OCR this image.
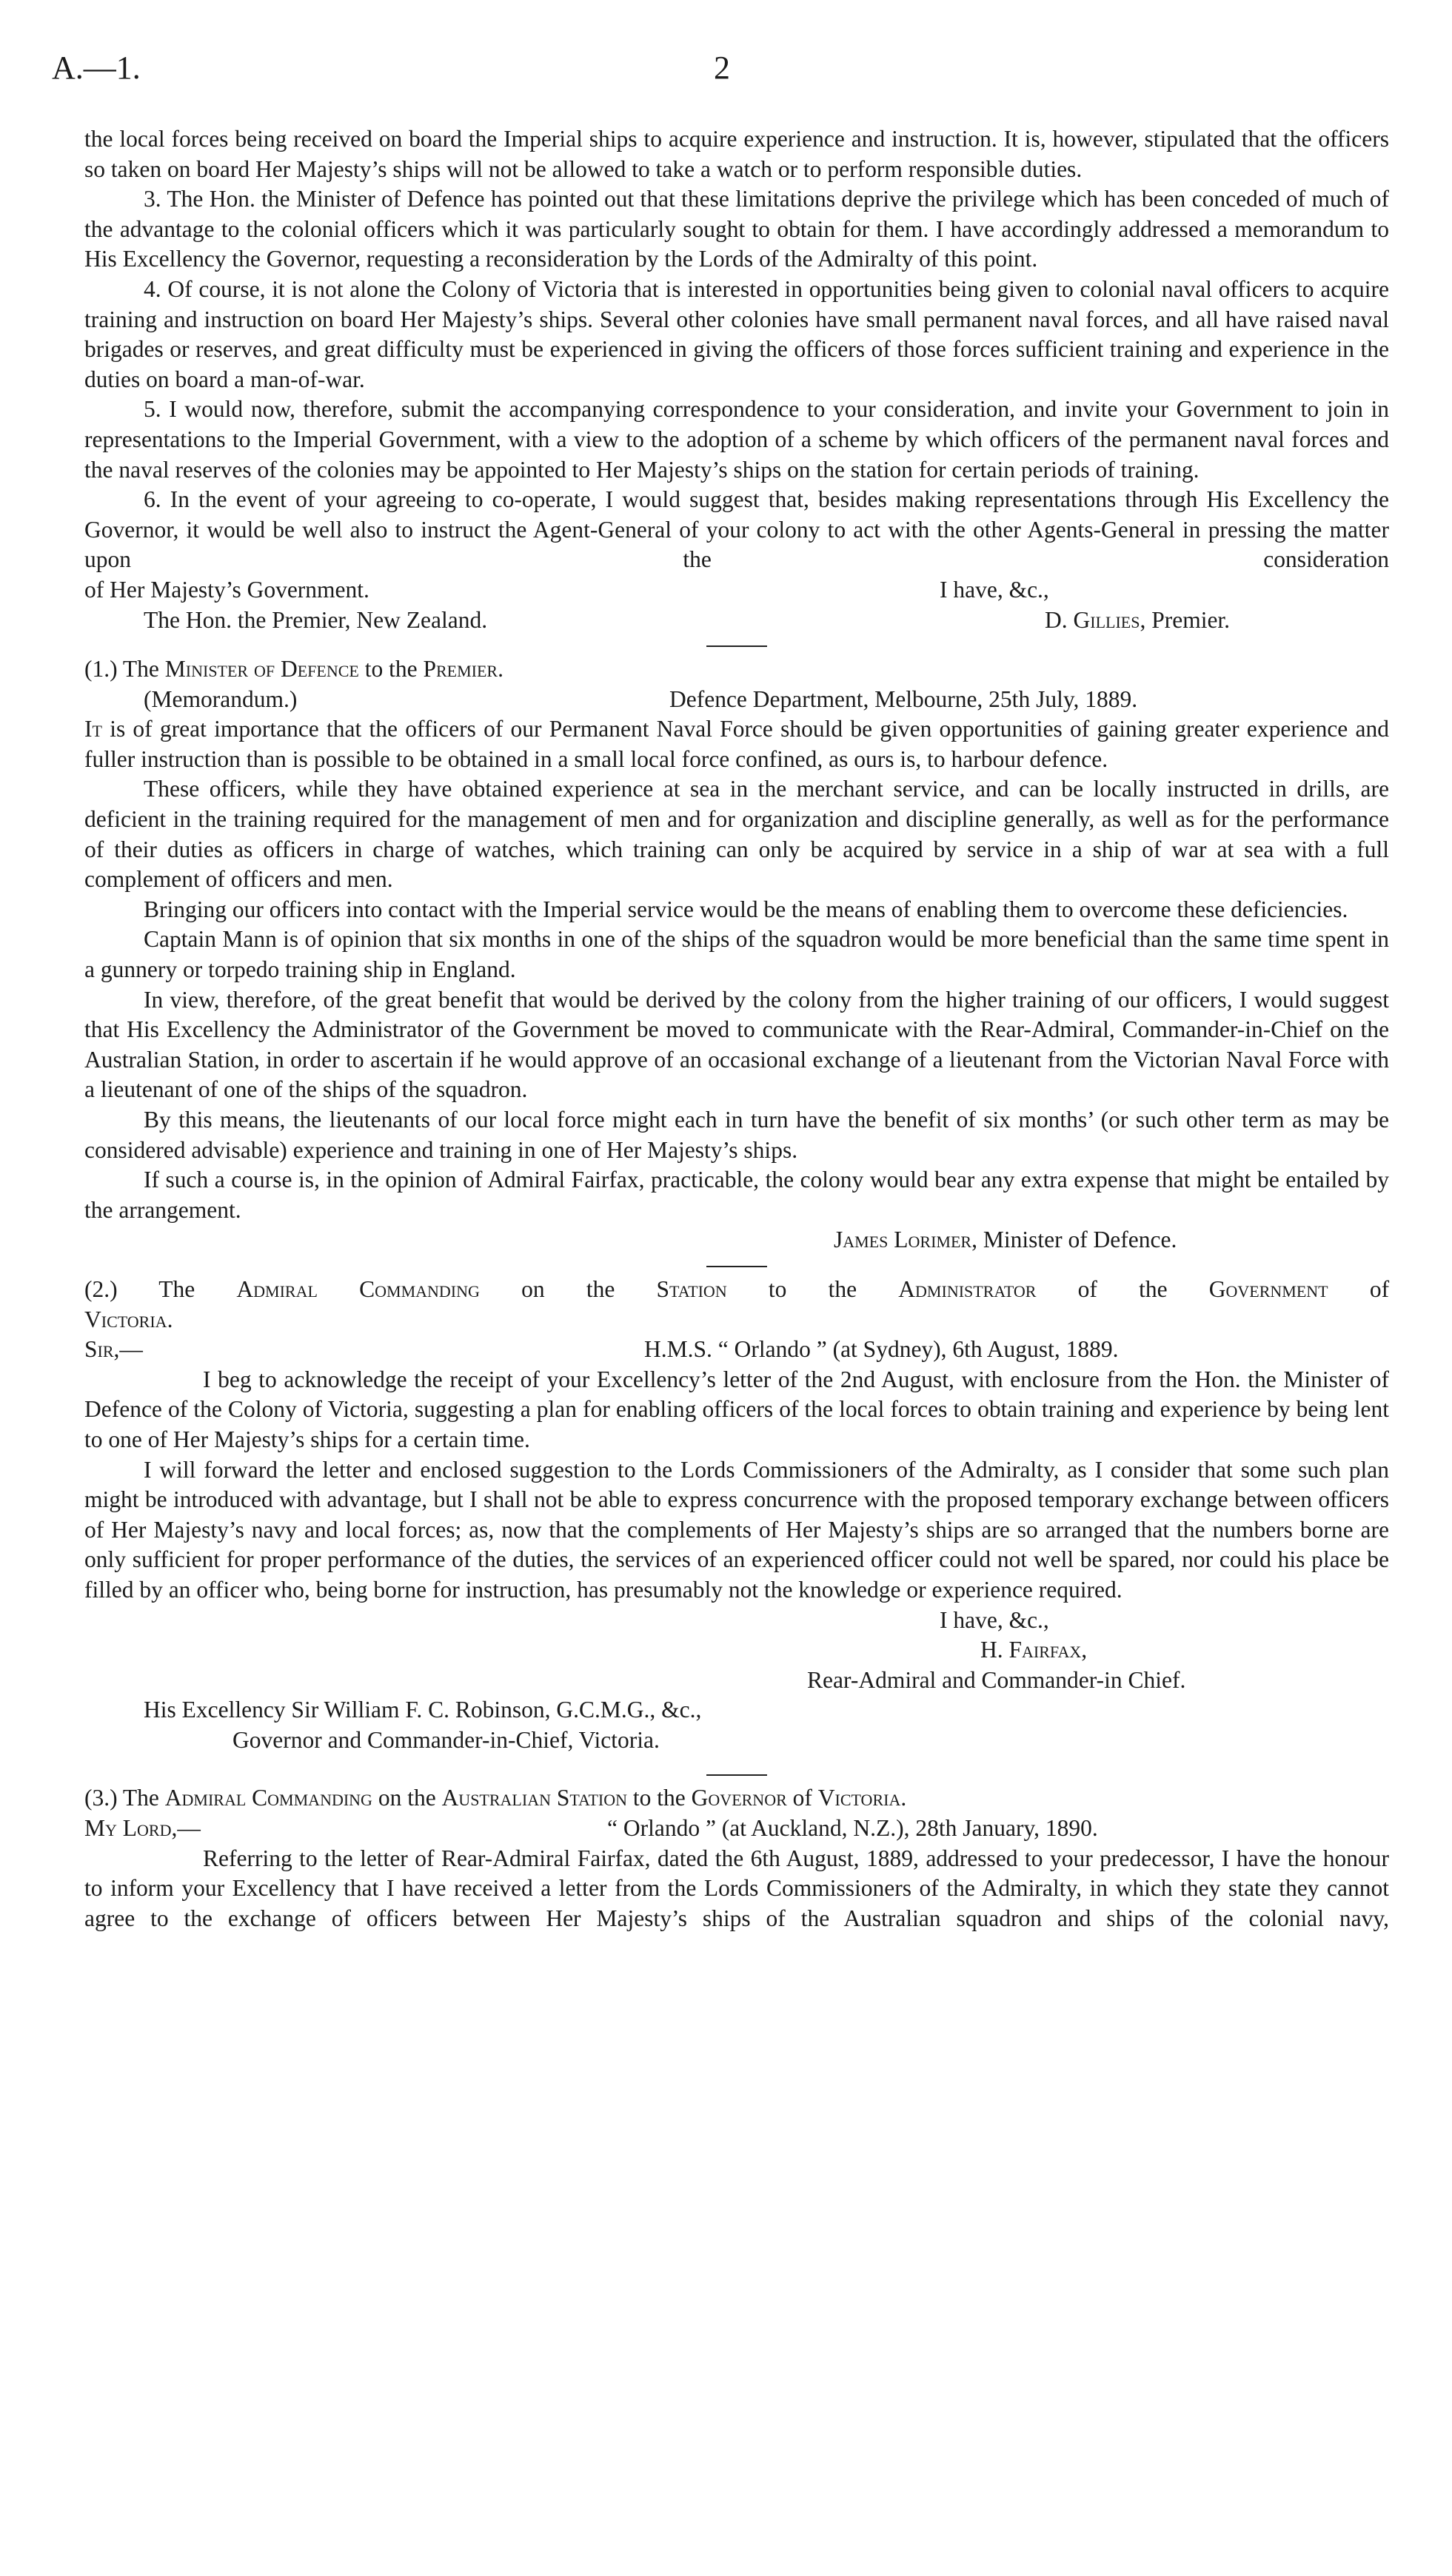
A.—1.	2

the local forces being received on board the Imperial ships to acquire experience and instruction. It is, however, stipulated that the officers so taken on board Her Majesty’s ships will not be allowed to take a watch or to perform responsible duties.

3. The Hon. the Minister of Defence has pointed out that these limitations deprive the privilege which has been conceded of much of the advantage to the colonial officers which it was particularly sought to obtain for them. I have accordingly addressed a memorandum to His Excellency the Governor, requesting a reconsideration by the Lords of the Admiralty of this point.

4. Of course, it is not alone the Colony of Victoria that is interested in opportunities being given to colonial naval officers to acquire training and instruction on board Her Majesty’s ships. Several other colonies have small permanent naval forces, and all have raised naval brigades or reserves, and great difficulty must be experienced in giving the officers of those forces sufficient training and experience in the duties on board a man-of-war.

5. I would now, therefore, submit the accompanying correspondence to your consideration, and invite your Government to join in representations to the Imperial Government, with a view to the adoption of a scheme by which officers of the permanent naval forces and the naval reserves of the colonies may be appointed to Her Majesty’s ships on the station for certain periods of training.

6. In the event of your agreeing to co-operate, I would suggest that, besides making representations through His Excellency the Governor, it would be well also to instruct the Agent-General of your colony to act with the other Agents-General in pressing the matter upon the consideration

of Her Majesty’s Government.	I have, &c.,
The Hon. the Premier, New Zealand.	D. Gillies, Premier.

(1.) The Minister of Defence to the Premier.

(Memorandum.)	Defence Department, Melbourne, 25th July, 1889.

It is of great importance that the officers of our Permanent Naval Force should be given opportunities of gaining greater experience and fuller instruction than is possible to be obtained in a small local force confined, as ours is, to harbour defence.

These officers, while they have obtained experience at sea in the merchant service, and can be locally instructed in drills, are deficient in the training required for the management of men and for organization and discipline generally, as well as for the performance of their duties as officers in charge of watches, which training can only be acquired by service in a ship of war at sea with a full complement of officers and men.

Bringing our officers into contact with the Imperial service would be the means of enabling them to overcome these deficiencies.

Captain Mann is of opinion that six months in one of the ships of the squadron would be more beneficial than the same time spent in a gunnery or torpedo training ship in England.

In view, therefore, of the great benefit that would be derived by the colony from the higher training of our officers, I would suggest that His Excellency the Administrator of the Government be moved to communicate with the Rear-Admiral, Commander-in-Chief on the Australian Station, in order to ascertain if he would approve of an occasional exchange of a lieutenant from the Victorian Naval Force with a lieutenant of one of the ships of the squadron.

By this means, the lieutenants of our local force might each in turn have the benefit of six months’ (or such other term as may be considered advisable) experience and training in one of Her Majesty’s ships.

If such a course is, in the opinion of Admiral Fairfax, practicable, the colony would bear any extra expense that might be entailed by the arrangement.

James Lorimer, Minister of Defence.

(2.) The Admiral Commanding on the Station to the Administrator of the Government of

Victoria.

Sir,—	H.M.S. “ Orlando ” (at Sydney), 6th August, 1889.

I beg to acknowledge the receipt of your Excellency’s letter of the 2nd August, with enclosure from the Hon. the Minister of Defence of the Colony of Victoria, suggesting a plan for enabling officers of the local forces to obtain training and experience by being lent to one of Her Majesty’s ships for a certain time.

I will forward the letter and enclosed suggestion to the Lords Commissioners of the Admiralty, as I consider that some such plan might be introduced with advantage, but I shall not be able to express concurrence with the proposed temporary exchange between officers of Her Majesty’s navy and local forces; as, now that the complements of Her Majesty’s ships are so arranged that the numbers borne are only sufficient for proper performance of the duties, the services of an experienced officer could not well be spared, nor could his place be filled by an officer who, being borne for instruction, has presumably not the knowledge or experience required.

I have, &c.,
H. Fairfax,
Rear-Admiral and Commander-in Chief.
His Excellency Sir William F. C. Robinson, G.C.M.G., &c.,
Governor and Commander-in-Chief, Victoria.

(3.) The Admiral Commanding on the Australian Station to the Governor of Victoria.

My Lord,—	“ Orlando ” (at Auckland, N.Z.), 28th January, 1890.

Referring to the letter of Rear-Admiral Fairfax, dated the 6th August, 1889, addressed to your predecessor, I have the honour to inform your Excellency that I have received a letter from the Lords Commissioners of the Admiralty, in which they state they cannot agree to the exchange of officers between Her Majesty’s ships of the Australian squadron and ships of the colonial navy,
